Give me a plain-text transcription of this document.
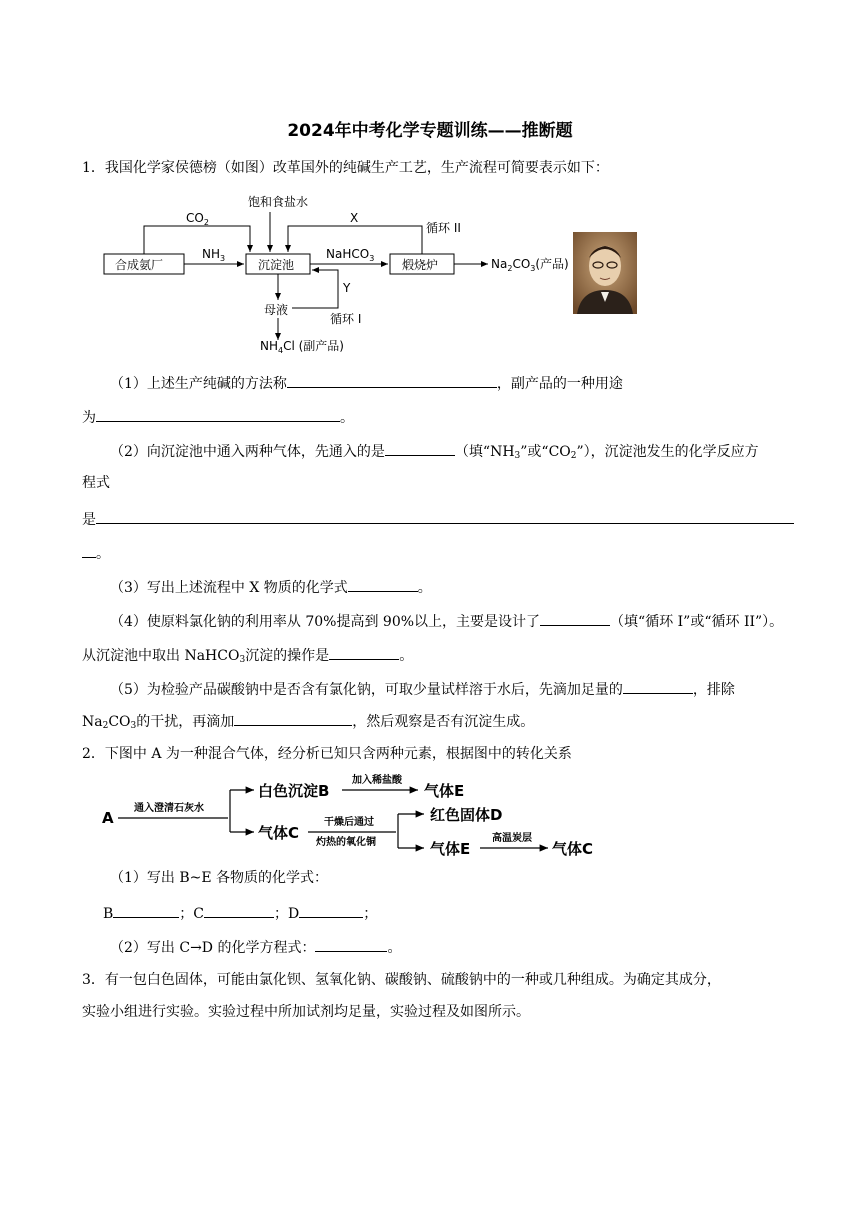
2024年中考化学专题训练——推断题
1．我国化学家侯德榜（如图）改革国外的纯碱生产工艺，生产流程可简要表示如下：
饱和食盐水
$CO_2$	X
循环 II
合成氨厂
$NH_3$	沉淀池
NaHCO$_3$ 煅烧炉	$Na_2CO_3$(产品)
Y
母液
循环 I
$NH_4Cl$ (副产品)
（1）上述生产纯碱的方法称	，副产品的一种用途
为	。
（2）向沉淀池中通入两种气体，先通入的是	（填“$NH_3$”或“$CO_2$”），沉淀池发生的化学反应方
程式
是
。
（3）写出上述流程中 X 物质的化学式	。
（4）使原料氯化钠的利用率从 70%提高到 90%以上，主要是设计了	（填“循环 I”或“循环 II”）。
从沉淀池中取出 NaHCO$_3$沉淀的操作是	。
（5）为检验产品碳酸钠中是否含有氯化钠，可取少量试样溶于水后，先滴加足量的	，排除
$Na_2CO_3$的干扰，再滴加	，然后观察是否有沉淀生成。
2．下图中 A 为一种混合气体，经分析已知只含两种元素，根据图中的转化关系
A
通入澄清石灰水
白色沉淀B
加入稀盐酸
气体E
气体C
干燥后通过
灼热的氧化铜
红色固体D
气体E
高温炭层
气体C
（1）写出 B~E 各物质的化学式：
B	；C	；D	；
（2）写出 C→D 的化学方程式：	。
3．有一包白色固体，可能由氯化钡、氢氧化钠、碳酸钠、硫酸钠中的一种或几种组成。为确定其成分，
实验小组进行实验。实验过程中所加试剂均足量，实验过程及如图所示。
